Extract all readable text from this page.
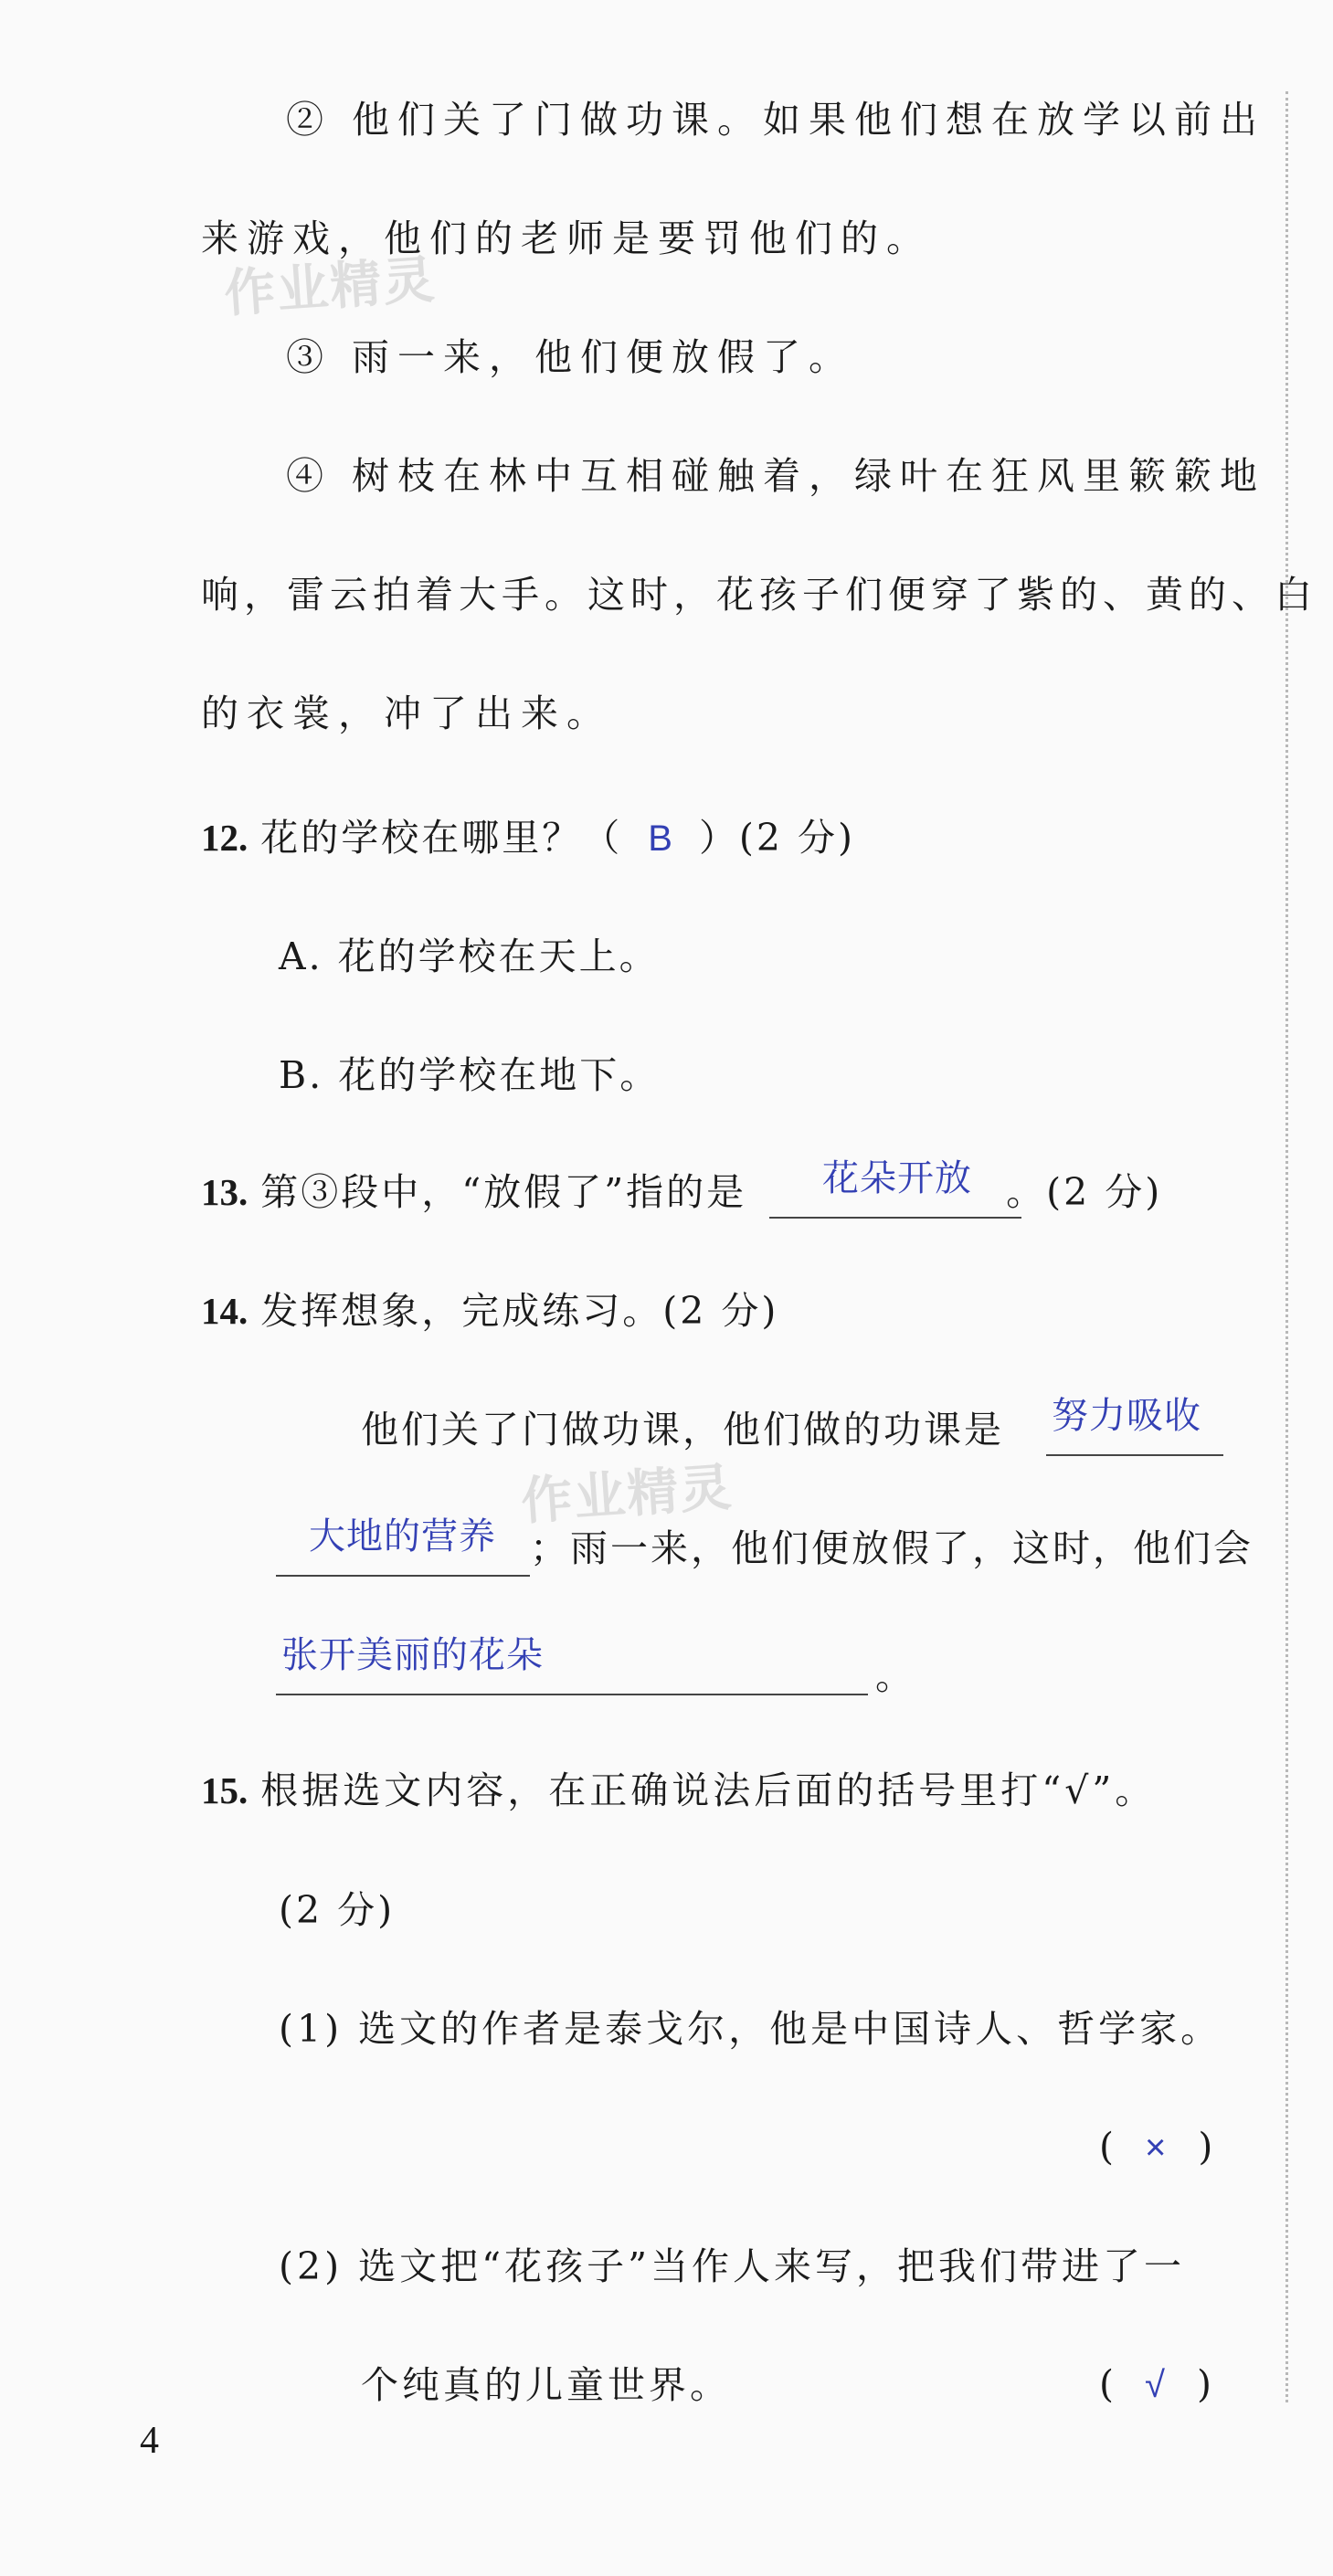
② 他们关了门做功课。如果他们想在放学以前出
来游戏，他们的老师是要罚他们的。
③ 雨一来，他们便放假了。
④ 树枝在林中互相碰触着，绿叶在狂风里簌簌地
响，雷云拍着大手。这时，花孩子们便穿了紫的、黄的、白
的衣裳，冲了出来。
作业精灵
12. 花的学校在哪里？（ B ）(2 分)
A. 花的学校在天上。
B. 花的学校在地下。
13. 第③段中，“放假了”指的是	。(2 分)
花朵开放
14. 发挥想象，完成练习。(2 分)
他们关了门做功课，他们做的功课是 努力吸收
作业精灵
大地的营养 ；雨一来，他们便放假了，这时，他们会
张开美丽的花朵	。
15. 根据选文内容，在正确说法后面的括号里打“√”。
(2 分)
(1) 选文的作者是泰戈尔，他是中国诗人、哲学家。
( × )
(2) 选文把“花孩子”当作人来写，把我们带进了一
个纯真的儿童世界。	( √ )
4
